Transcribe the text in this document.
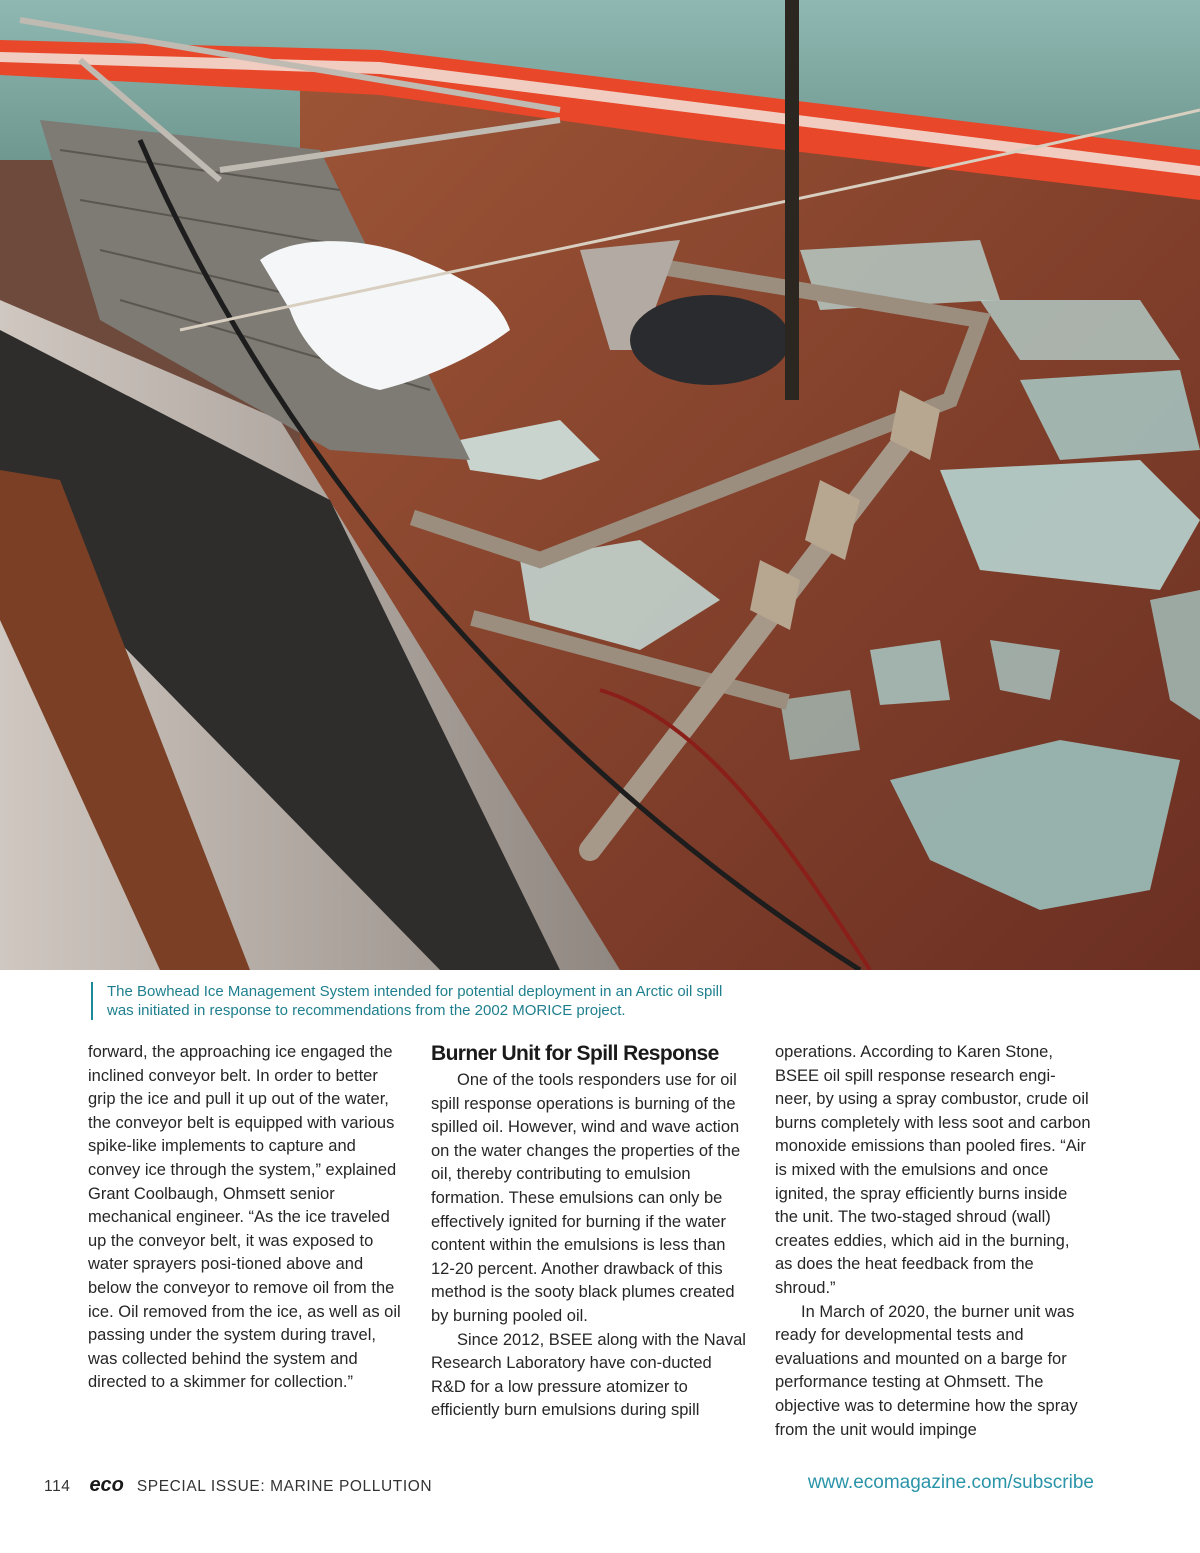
The Bowhead Ice Management System intended for potential deployment in an Arctic oil spill

was initiated in response to recommendations from the 2002 MORICE project.

forward, the approaching ice engaged the inclined conveyor belt. In order to better grip the ice and pull it up out of the water, the conveyor belt is equipped with various spike-like implements to capture and convey ice through the system,” explained Grant Coolbaugh, Ohmsett senior mechanical engineer. “As the ice traveled up the conveyor belt, it was exposed to water sprayers posi-tioned above and below the conveyor to remove oil from the ice. Oil removed from the ice, as well as oil passing under the system during travel, was collected behind the system and directed to a skimmer for collection.”

Burner Unit for Spill Response

One of the tools responders use for oil spill response operations is burning of the spilled oil. However, wind and wave action on the water changes the properties of the oil, thereby contributing to emulsion formation. These emulsions can only be effectively ignited for burning if the water content within the emulsions is less than 12-20 percent. Another drawback of this method is the sooty black plumes created by burning pooled oil.

Since 2012, BSEE along with the Naval Research Laboratory have con-ducted R&D for a low pressure atomizer to efficiently burn emulsions during spill

operations. According to Karen Stone, BSEE oil spill response research engi-neer, by using a spray combustor, crude oil burns completely with less soot and carbon monoxide emissions than pooled fires. “Air is mixed with the emulsions and once ignited, the spray efficiently burns inside the unit. The two-staged shroud (wall) creates eddies, which aid in the burning, as does the heat feedback from the shroud.”

In March of 2020, the burner unit was ready for developmental tests and evaluations and mounted on a barge for performance testing at Ohmsett. The objective was to determine how the spray from the unit would impinge

114 eco SPECIAL ISSUE: MARINE POLLUTION	www.ecomagazine.com/subscribe
